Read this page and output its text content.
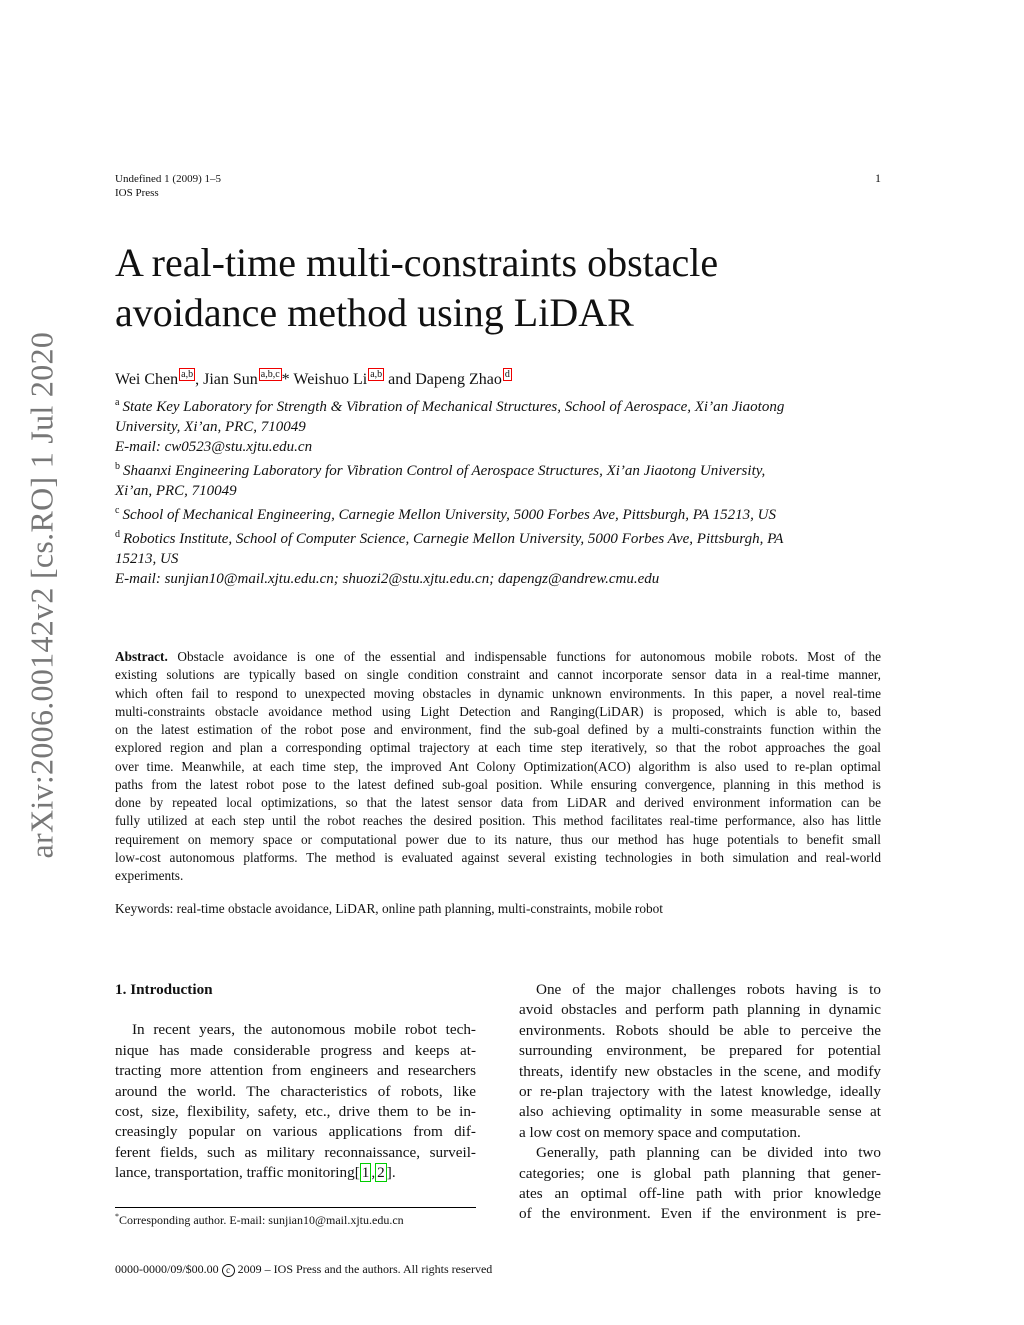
Undefined 1 (2009) 1–5
IOS Press
1
arXiv:2006.00142v2 [cs.RO] 1 Jul 2020
A real-time multi-constraints obstacle
avoidance method using LiDAR
Wei Chen a,b , Jian Sun a,b,c * Weishuo Li a,b and Dapeng Zhao d
$^a$ State Key Laboratory for Strength & Vibration of Mechanical Structures, School of Aerospace, Xi’an Jiaotong
University, Xi’an, PRC, 710049
E-mail: cw0523@stu.xjtu.edu.cn
$^b$ Shaanxi Engineering Laboratory for Vibration Control of Aerospace Structures, Xi’an Jiaotong University,
Xi’an, PRC, 710049
$^c$ School of Mechanical Engineering, Carnegie Mellon University, 5000 Forbes Ave, Pittsburgh, PA 15213, US
$^d$ Robotics Institute, School of Computer Science, Carnegie Mellon University, 5000 Forbes Ave, Pittsburgh, PA
15213, US
E-mail: sunjian10@mail.xjtu.edu.cn; shuozi2@stu.xjtu.edu.cn; dapengz@andrew.cmu.edu
Abstract. Obstacle avoidance is one of the essential and indispensable functions for autonomous mobile robots. Most of the
existing solutions are typically based on single condition constraint and cannot incorporate sensor data in a real-time manner,
which often fail to respond to unexpected moving obstacles in dynamic unknown environments. In this paper, a novel real-time
multi-constraints obstacle avoidance method using Light Detection and Ranging(LiDAR) is proposed, which is able to, based
on the latest estimation of the robot pose and environment, find the sub-goal defined by a multi-constraints function within the
explored region and plan a corresponding optimal trajectory at each time step iteratively, so that the robot approaches the goal
over time. Meanwhile, at each time step, the improved Ant Colony Optimization(ACO) algorithm is also used to re-plan optimal
paths from the latest robot pose to the latest defined sub-goal position. While ensuring convergence, planning in this method is
done by repeated local optimizations, so that the latest sensor data from LiDAR and derived environment information can be
fully utilized at each step until the robot reaches the desired position. This method facilitates real-time performance, also has little
requirement on memory space or computational power due to its nature, thus our method has huge potentials to benefit small
low-cost autonomous platforms. The method is evaluated against several existing technologies in both simulation and real-world
experiments.
Keywords: real-time obstacle avoidance, LiDAR, online path planning, multi-constraints, mobile robot
1. Introduction
In recent years, the autonomous mobile robot tech-
nique has made considerable progress and keeps at-
tracting more attention from engineers and researchers
around the world. The characteristics of robots, like
cost, size, flexibility, safety, etc., drive them to be in-
creasingly popular on various applications from dif-
ferent fields, such as military reconnaissance, surveil-
lance, transportation, traffic monitoring[ 1 , 2 ].
One of the major challenges robots having is to
avoid obstacles and perform path planning in dynamic
environments. Robots should be able to perceive the
surrounding environment, be prepared for potential
threats, identify new obstacles in the scene, and modify
or re-plan trajectory with the latest knowledge, ideally
also achieving optimality in some measurable sense at
a low cost on memory space and computation.
Generally, path planning can be divided into two
categories; one is global path planning that gener-
ates an optimal off-line path with prior knowledge
of the environment. Even if the environment is pre-
*Corresponding author. E-mail: sunjian10@mail.xjtu.edu.cn
0000-0000/09/$00.00 c 2009 – IOS Press and the authors. All rights reserved
